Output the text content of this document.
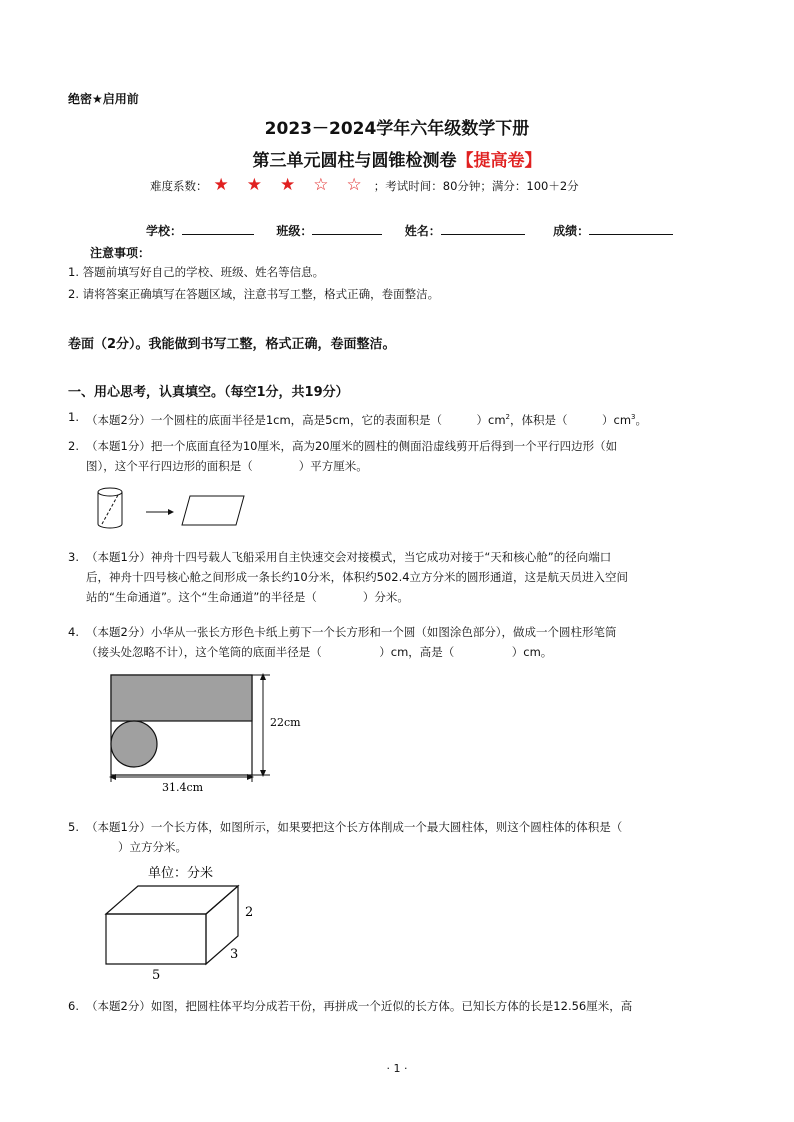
绝密★启用前
2023－2024学年六年级数学下册
第三单元圆柱与圆锥检测卷【提高卷】
难度系数： ★ ★ ★ ☆ ☆ ；考试时间：80分钟；满分：100＋2分
学校：	班级：	姓名：	成绩：
注意事项：
1. 答题前填写好自己的学校、班级、姓名等信息。
2. 请将答案正确填写在答题区域，注意书写工整，格式正确，卷面整洁。
卷面（2分）。我能做到书写工整，格式正确，卷面整洁。
一、用心思考，认真填空。（每空1分，共19分）
1. （本题2分）一个圆柱的底面半径是1cm，高是5cm，它的表面积是（　　　）$cm^2$，体积是（　　　）$cm^3$。
2. （本题1分）把一个底面直径为10厘米，高为20厘米的圆柱的侧面沿虚线剪开后得到一个平行四边形（如
图），这个平行四边形的面积是（　　　　）平方厘米。
3. （本题1分）神舟十四号载人飞船采用自主快速交会对接模式，当它成功对接于“天和核心舱”的径向端口
后，神舟十四号核心舱之间形成一条长约10分米，体积约502.4立方分米的圆形通道，这是航天员进入空间
站的“生命通道”。这个“生命通道”的半径是（　　　　）分米。
4. （本题2分）小华从一张长方形色卡纸上剪下一个长方形和一个圆（如图涂色部分），做成一个圆柱形笔筒
（接头处忽略不计），这个笔筒的底面半径是（　　　　　）cm，高是（　　　　　）cm。
22cm
31.4cm
5. （本题1分）一个长方体，如图所示，如果要把这个长方体削成一个最大圆柱体，则这个圆柱体的体积是（
）立方分米。
单位：分米
2
3
5
6. （本题2分）如图，把圆柱体平均分成若干份，再拼成一个近似的长方体。已知长方体的长是12.56厘米，高
· 1 ·
